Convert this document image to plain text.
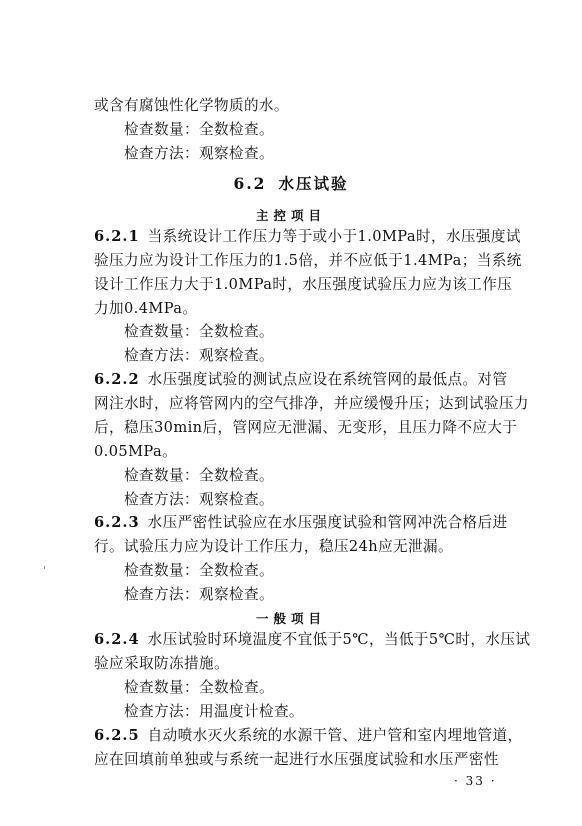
或含有腐蚀性化学物质的水。
检查数量：全数检查。
检查方法：观察检查。
6.2 水压试验
主控项目
6.2.1 当系统设计工作压力等于或小于1.0MPa时，水压强度试
验压力应为设计工作压力的1.5倍，并不应低于1.4MPa；当系统
设计工作压力大于1.0MPa时，水压强度试验压力应为该工作压
力加0.4MPa。
检查数量：全数检查。
检查方法：观察检查。
6.2.2 水压强度试验的测试点应设在系统管网的最低点。对管
网注水时，应将管网内的空气排净，并应缓慢升压；达到试验压力
后，稳压30min后，管网应无泄漏、无变形，且压力降不应大于
0.05MPa。
检查数量：全数检查。
检查方法：观察检查。
6.2.3 水压严密性试验应在水压强度试验和管网冲洗合格后进
行。试验压力应为设计工作压力，稳压24h应无泄漏。
检查数量：全数检查。
检查方法：观察检查。
一般项目
6.2.4 水压试验时环境温度不宜低于5℃，当低于5℃时，水压试
验应采取防冻措施。
检查数量：全数检查。
检查方法：用温度计检查。
6.2.5 自动喷水灭火系统的水源干管、进户管和室内埋地管道，
应在回填前单独或与系统一起进行水压强度试验和水压严密性
· 33 ·
